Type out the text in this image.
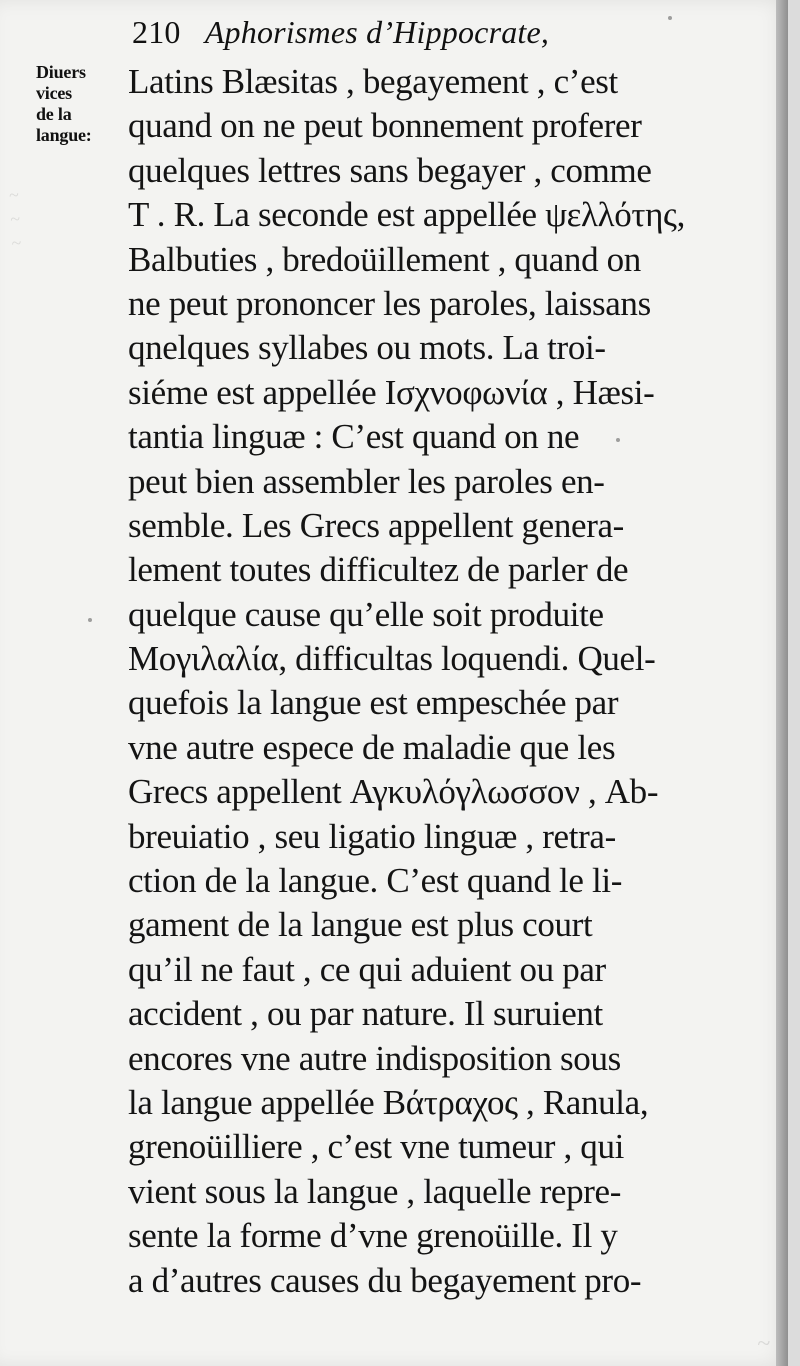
~
~
~
~
210 Aphorismes d’Hippocrate,
Diuers
vices
de la
langue:
Latins Blæsitas , begayement , c’est
quand on ne peut bonnement proferer
quelques lettres sans begayer , comme
T . R. La seconde est appellée ψελλότης,
Balbuties , bredoüillement , quand on
ne peut prononcer les paroles, laissans
qnelques syllabes ou mots. La troi-
siéme est appellée Ισχνοφωνία , Hæsi-
tantia linguæ : C’est quand on ne
peut bien assembler les paroles en-
semble. Les Grecs appellent genera-
lement toutes difficultez de parler de
quelque cause qu’elle soit produite
Μογιλαλία, difficultas loquendi. Quel-
quefois la langue est empeschée par
vne autre espece de maladie que les
Grecs appellent Αγκυλόγλωσσον , Ab-
breuiatio , seu ligatio linguæ , retra-
ction de la langue. C’est quand le li-
gament de la langue est plus court
qu’il ne faut , ce qui aduient ou par
accident , ou par nature. Il suruient
encores vne autre indisposition sous
la langue appellée Βάτραχος , Ranula,
grenoüilliere , c’est vne tumeur , qui
vient sous la langue , laquelle repre-
sente la forme d’vne grenoüille. Il y
a d’autres causes du begayement pro-
